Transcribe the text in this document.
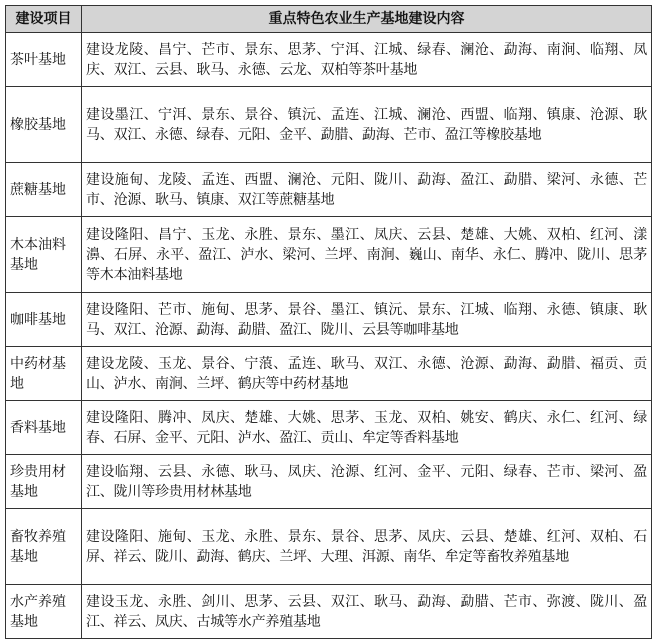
建设项目	重点特色农业生产基地建设内容
茶叶基地	建设龙陵、昌宁、芒市、景东、思茅、宁洱、江城、绿春、澜沧、勐海、南涧、临翔、凤庆、双江、云县、耿马、永德、云龙、双柏等茶叶基地
橡胶基地	建设墨江、宁洱、景东、景谷、镇沅、孟连、江城、澜沧、西盟、临翔、镇康、沧源、耿马、双江、永德、绿春、元阳、金平、勐腊、勐海、芒市、盈江等橡胶基地
蔗糖基地	建设施甸、龙陵、孟连、西盟、澜沧、元阳、陇川、勐海、盈江、勐腊、梁河、永德、芒市、沧源、耿马、镇康、双江等蔗糖基地
木本油料基地	建设隆阳、昌宁、玉龙、永胜、景东、墨江、凤庆、云县、楚雄、大姚、双柏、红河、漾濞、石屏、永平、盈江、泸水、梁河、兰坪、南涧、巍山、南华、永仁、腾冲、陇川、思茅等木本油料基地
咖啡基地	建设隆阳、芒市、施甸、思茅、景谷、墨江、镇沅、景东、江城、临翔、永德、镇康、耿马、双江、沧源、勐海、勐腊、盈江、陇川、云县等咖啡基地
中药材基地	建设龙陵、玉龙、景谷、宁蒗、孟连、耿马、双江、永德、沧源、勐海、勐腊、福贡、贡山、泸水、南涧、兰坪、鹤庆等中药材基地
香料基地	建设隆阳、腾冲、凤庆、楚雄、大姚、思茅、玉龙、双柏、姚安、鹤庆、永仁、红河、绿春、石屏、金平、元阳、泸水、盈江、贡山、牟定等香料基地
珍贵用材基地	建设临翔、云县、永德、耿马、凤庆、沧源、红河、金平、元阳、绿春、芒市、梁河、盈江、陇川等珍贵用材林基地
畜牧养殖基地	建设隆阳、施甸、玉龙、永胜、景东、景谷、思茅、凤庆、云县、楚雄、红河、双柏、石屏、祥云、陇川、勐海、鹤庆、兰坪、大理、洱源、南华、牟定等畜牧养殖基地
水产养殖基地	建设玉龙、永胜、剑川、思茅、云县、双江、耿马、勐海、勐腊、芒市、弥渡、陇川、盈江、祥云、凤庆、古城等水产养殖基地
